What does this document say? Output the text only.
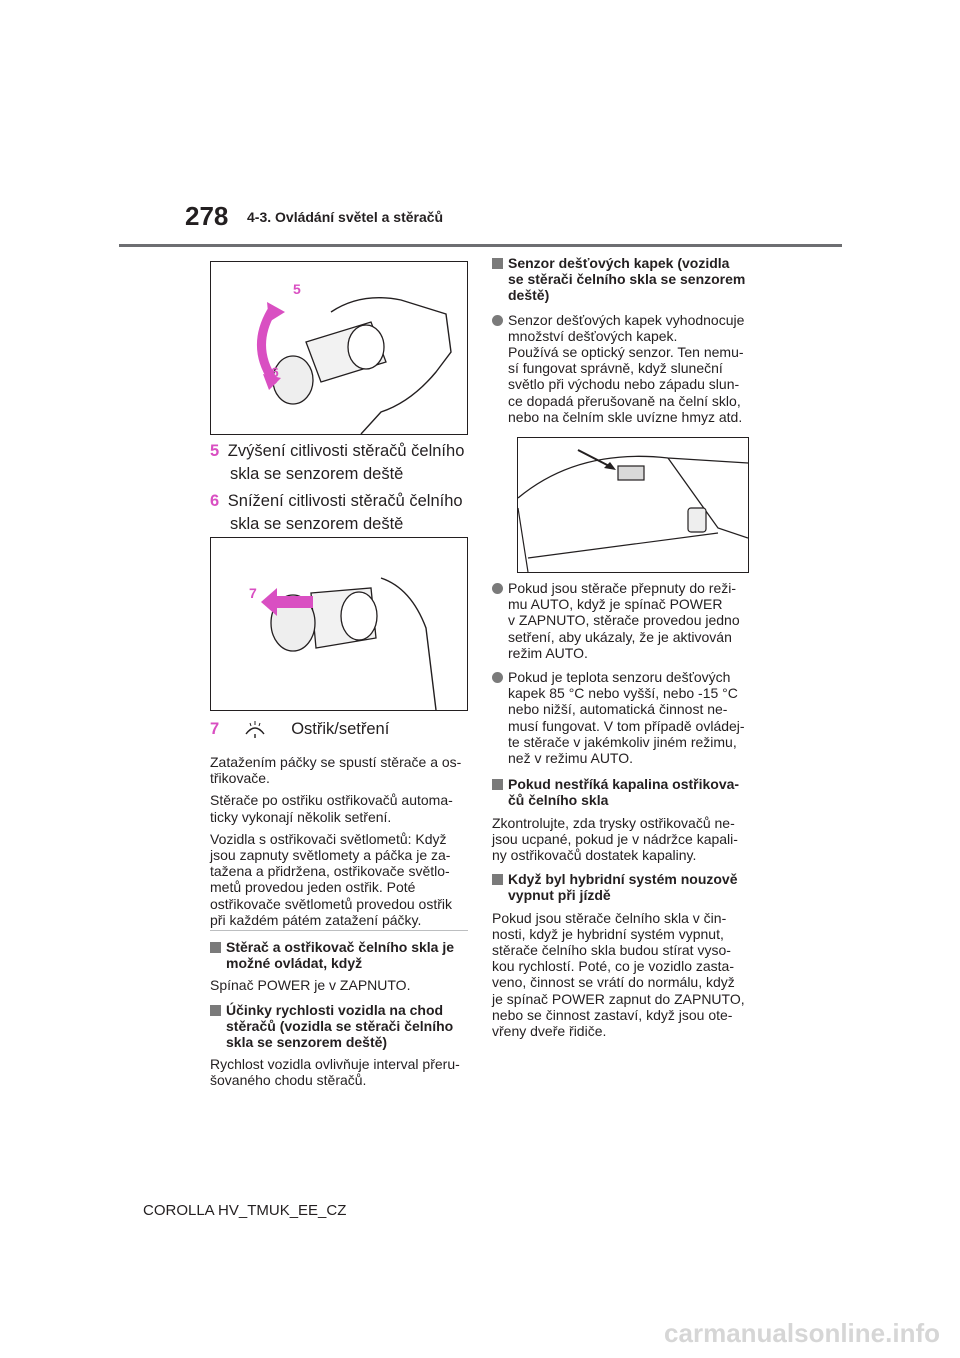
278 4-3. Ovládání světel a stěračů
5
6
5 Zvýšení citlivosti stěračů čelního
skla se senzorem deště
6 Snížení citlivosti stěračů čelního
skla se senzorem deště
7
7	Ostřik/setření

Zatažením páčky se spustí stěrače a os-
třikovače.

Stěrače po ostřiku ostřikovačů automa-
ticky vykonají několik setření.

Vozidla s ostřikovači světlometů: Když
jsou zapnuty světlomety a páčka je za-
tažena a přidržena, ostřikovače světlo-
metů provedou jeden ostřik. Poté
ostřikovače světlometů provedou ostřik
při každém pátém zatažení páčky.

Stěrač a ostřikovač čelního skla je
možné ovládat, když

Spínač POWER je v ZAPNUTO.

Účinky rychlosti vozidla na chod
stěračů (vozidla se stěrači čelního
skla se senzorem deště)

Rychlost vozidla ovlivňuje interval přeru-
šovaného chodu stěračů.

Senzor dešťových kapek (vozidla
se stěrači čelního skla se senzorem
deště)
Senzor dešťových kapek vyhodnocuje
množství dešťových kapek.
Používá se optický senzor. Ten nemu-
sí fungovat správně, když sluneční
světlo při východu nebo západu slun-
ce dopadá přerušovaně na čelní sklo,
nebo na čelním skle uvízne hmyz atd.
Pokud jsou stěrače přepnuty do reži-
mu AUTO, když je spínač POWER
v ZAPNUTO, stěrače provedou jedno
setření, aby ukázaly, že je aktivován
režim AUTO.
Pokud je teplota senzoru dešťových
kapek 85 °C nebo vyšší, nebo -15 °C
nebo nižší, automatická činnost ne-
musí fungovat. V tom případě ovládej-
te stěrače v jakémkoliv jiném režimu,
než v režimu AUTO.
Pokud nestříká kapalina ostřikova-
čů čelního skla

Zkontrolujte, zda trysky ostřikovačů ne-
jsou ucpané, pokud je v nádržce kapali-
ny ostřikovačů dostatek kapaliny.

Když byl hybridní systém nouzově
vypnut při jízdě

Pokud jsou stěrače čelního skla v čin-
nosti, když je hybridní systém vypnut,
stěrače čelního skla budou stírat vyso-
kou rychlostí. Poté, co je vozidlo zasta-
veno, činnost se vrátí do normálu, když
je spínač POWER zapnut do ZAPNUTO,
nebo se činnost zastaví, když jsou ote-
vřeny dveře řidiče.

COROLLA HV_TMUK_EE_CZ
carmanualsonline.info
